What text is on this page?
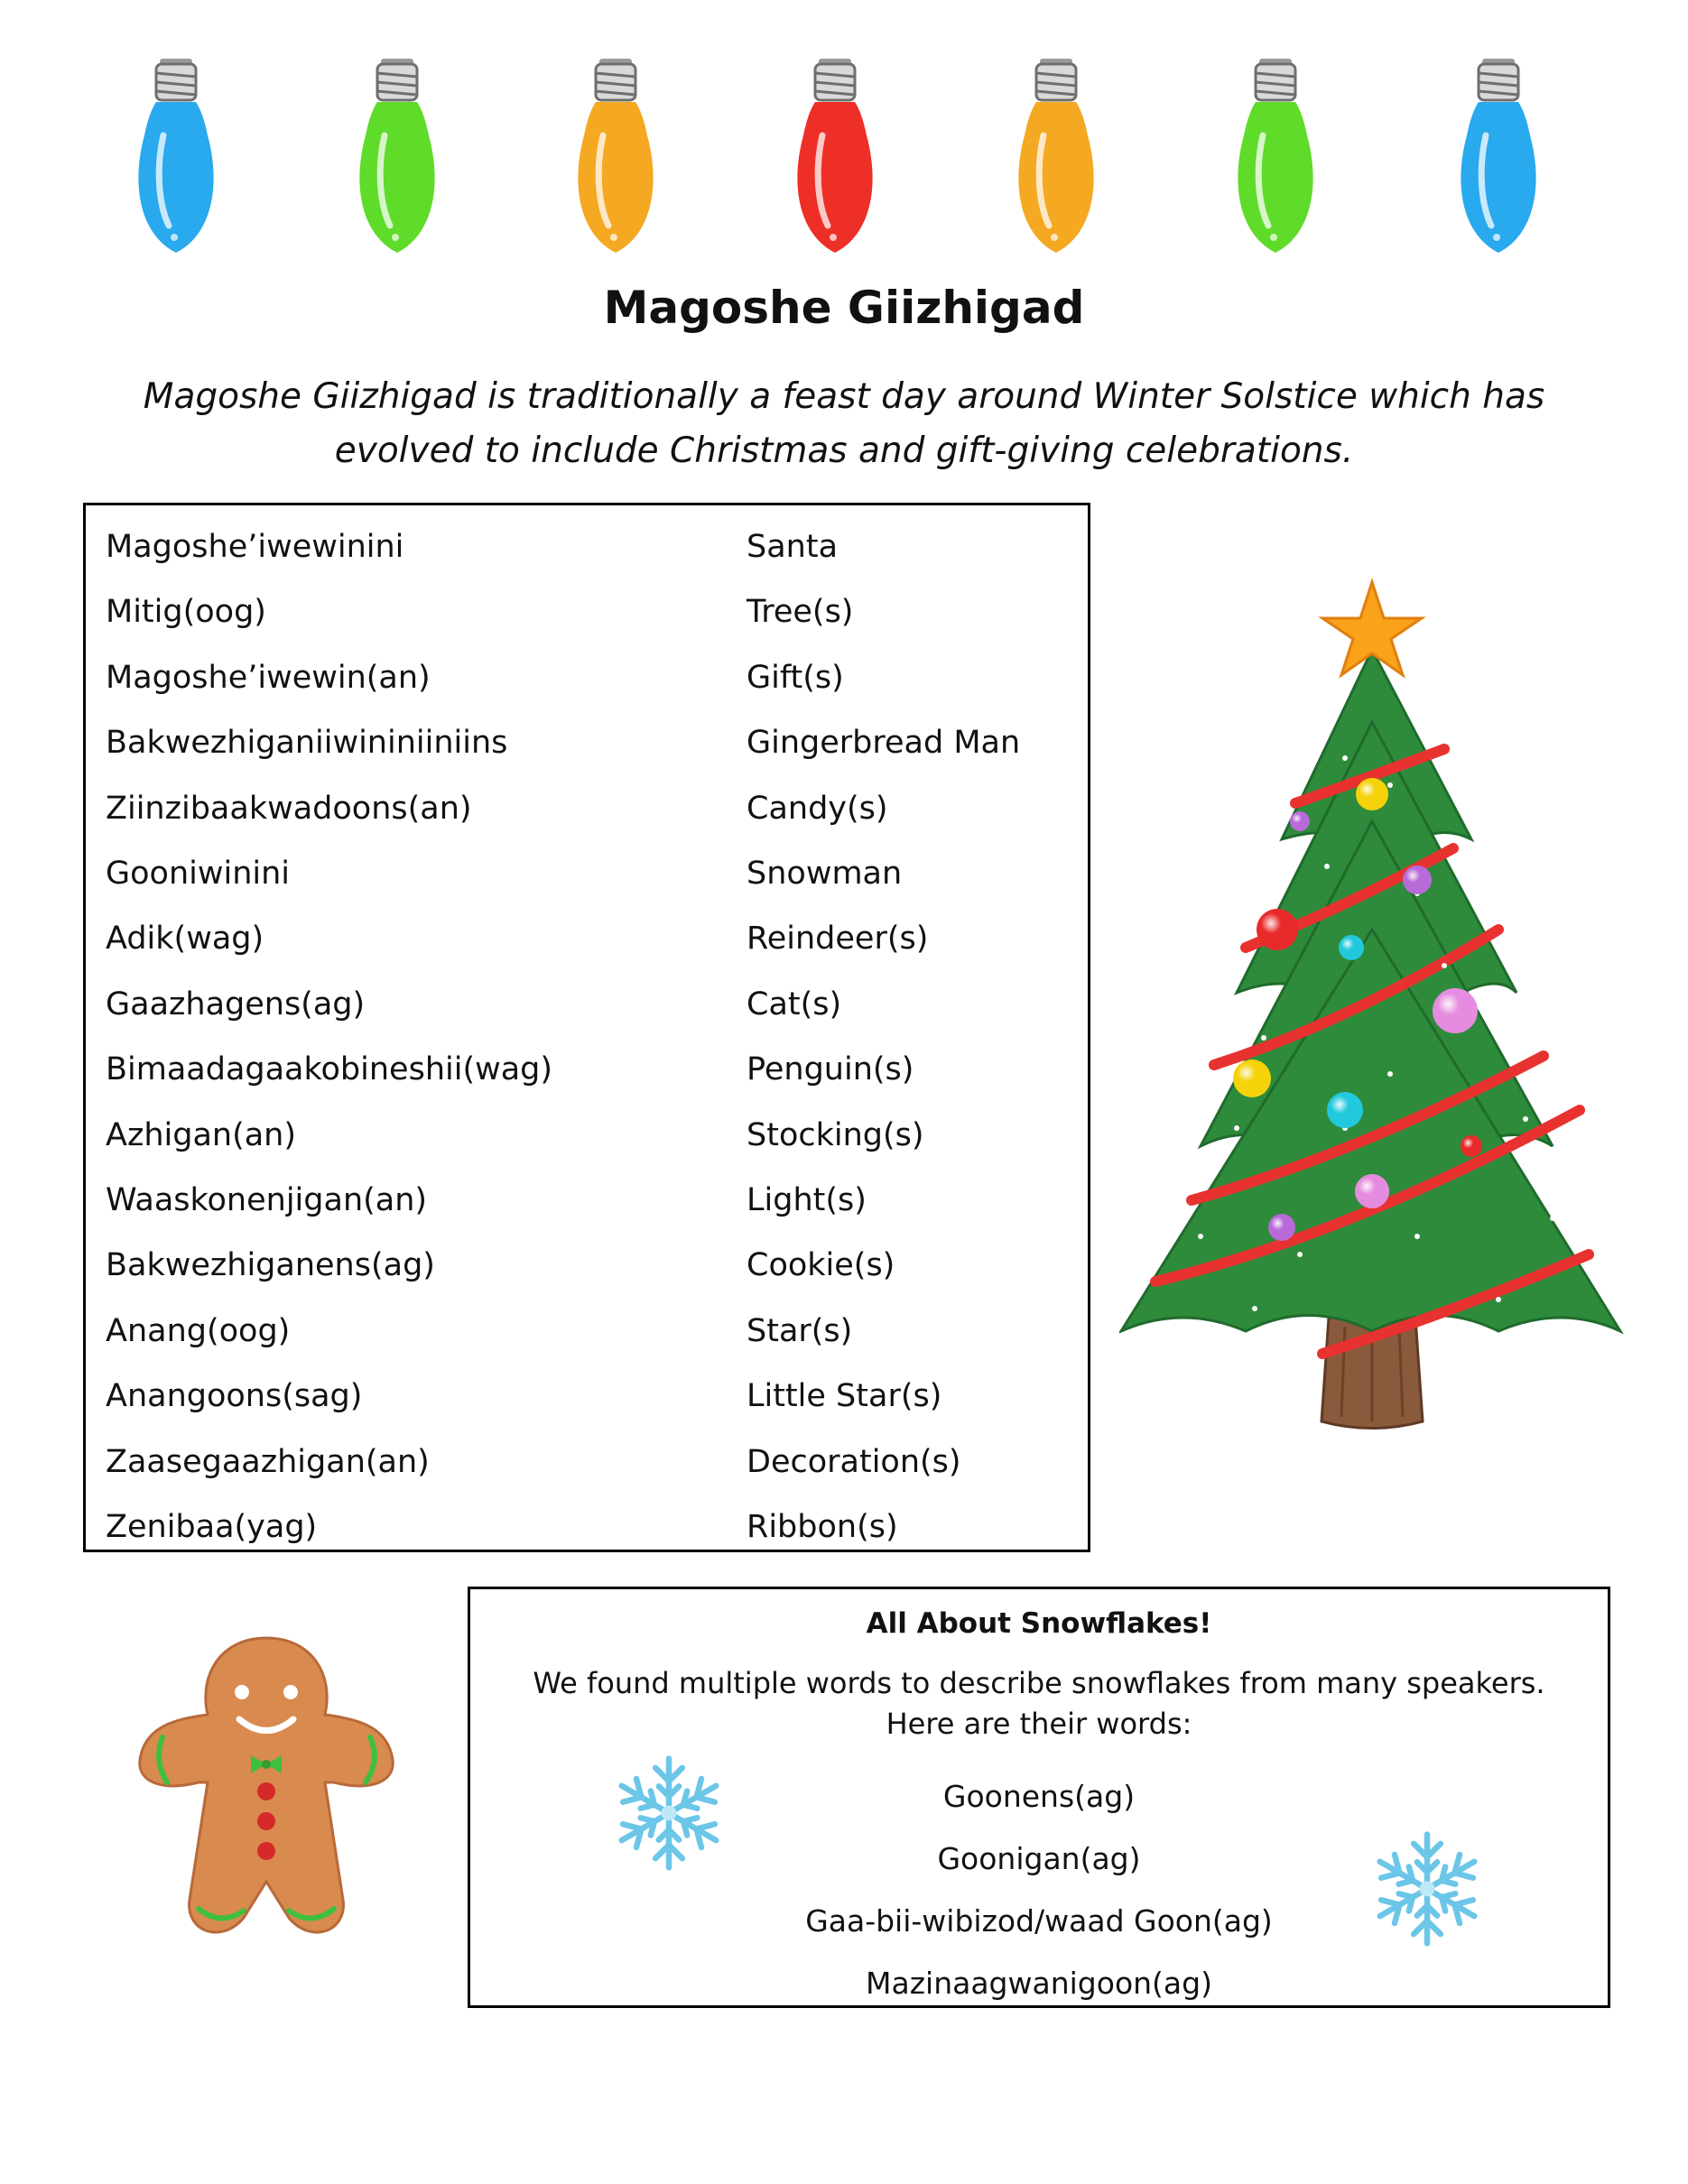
Magoshe Giizhigad
Magoshe Giizhigad is traditionally a feast day around Winter Solstice which has evolved to include Christmas and gift-giving celebrations.
Magoshe’iwewinini	Santa
Mitig(oog)	Tree(s)
Magoshe’iwewin(an)	Gift(s)
Bakwezhiganiiwininiiniins	Gingerbread Man
Ziinzibaakwadoons(an)	Candy(s)
Gooniwinini	Snowman
Adik(wag)	Reindeer(s)
Gaazhagens(ag)	Cat(s)
Bimaadagaakobineshii(wag)	Penguin(s)
Azhigan(an)	Stocking(s)
Waaskonenjigan(an)	Light(s)
Bakwezhiganens(ag)	Cookie(s)
Anang(oog)	Star(s)
Anangoons(sag)	Little Star(s)
Zaasegaazhigan(an)	Decoration(s)
Zenibaa(yag)	Ribbon(s)
All About Snowflakes!
We found multiple words to describe snowflakes from many speakers.
Here are their words:
Goonens(ag)
Goonigan(ag)
Gaa-bii-wibizod/waad Goon(ag)
Mazinaagwanigoon(ag)
